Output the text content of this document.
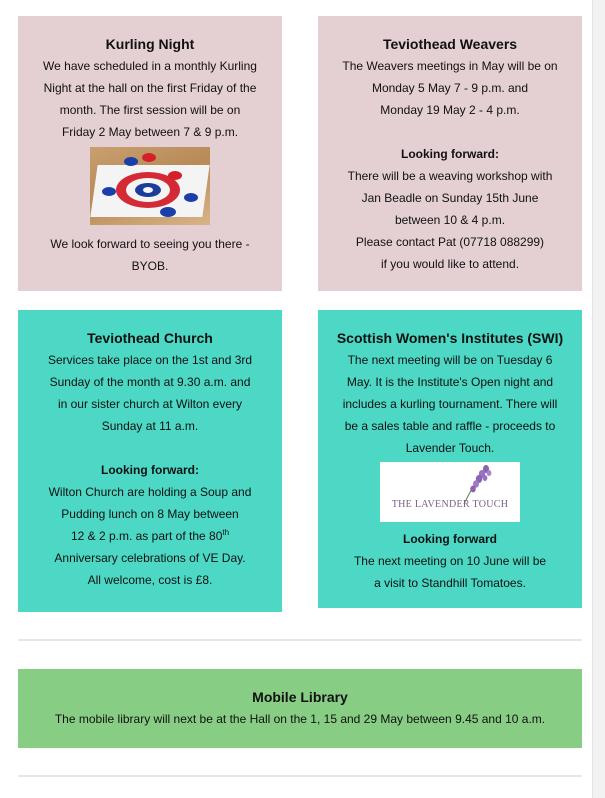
Kurling Night

We have scheduled in a monthly Kurling

Night at the hall on the first Friday of the

month. The first session will be on

Friday 2 May between 7 & 9 p.m.

We look forward to seeing you there -

BYOB.

Teviothead Weavers

The Weavers meetings in May will be on

Monday 5 May 7 - 9 p.m. and

Monday 19 May 2 - 4 p.m.

Looking forward:

There will be a weaving workshop with

Jan Beadle on Sunday 15th June

between 10 & 4 p.m.

Please contact Pat (07718 088299)

if you would like to attend.

Teviothead Church

Services take place on the 1st and 3rd

Sunday of the month at 9.30 a.m. and

in our sister church at Wilton every

Sunday at 11 a.m.

Looking forward:

Wilton Church are holding a Soup and

Pudding lunch on 8 May between

12 & 2 p.m. as part of the 80th

Anniversary celebrations of VE Day.

All welcome, cost is £8.

Scottish Women's Institutes (SWI)

The next meeting will be on Tuesday 6

May. It is the Institute's Open night and

includes a kurling tournament. There will

be a sales table and raffle - proceeds to

Lavender Touch.

THE LAVENDER TOUCH

Looking forward

The next meeting on 10 June will be

a visit to Standhill Tomatoes.

Mobile Library

The mobile library will next be at the Hall on the 1, 15 and 29 May between 9.45 and 10 a.m.
